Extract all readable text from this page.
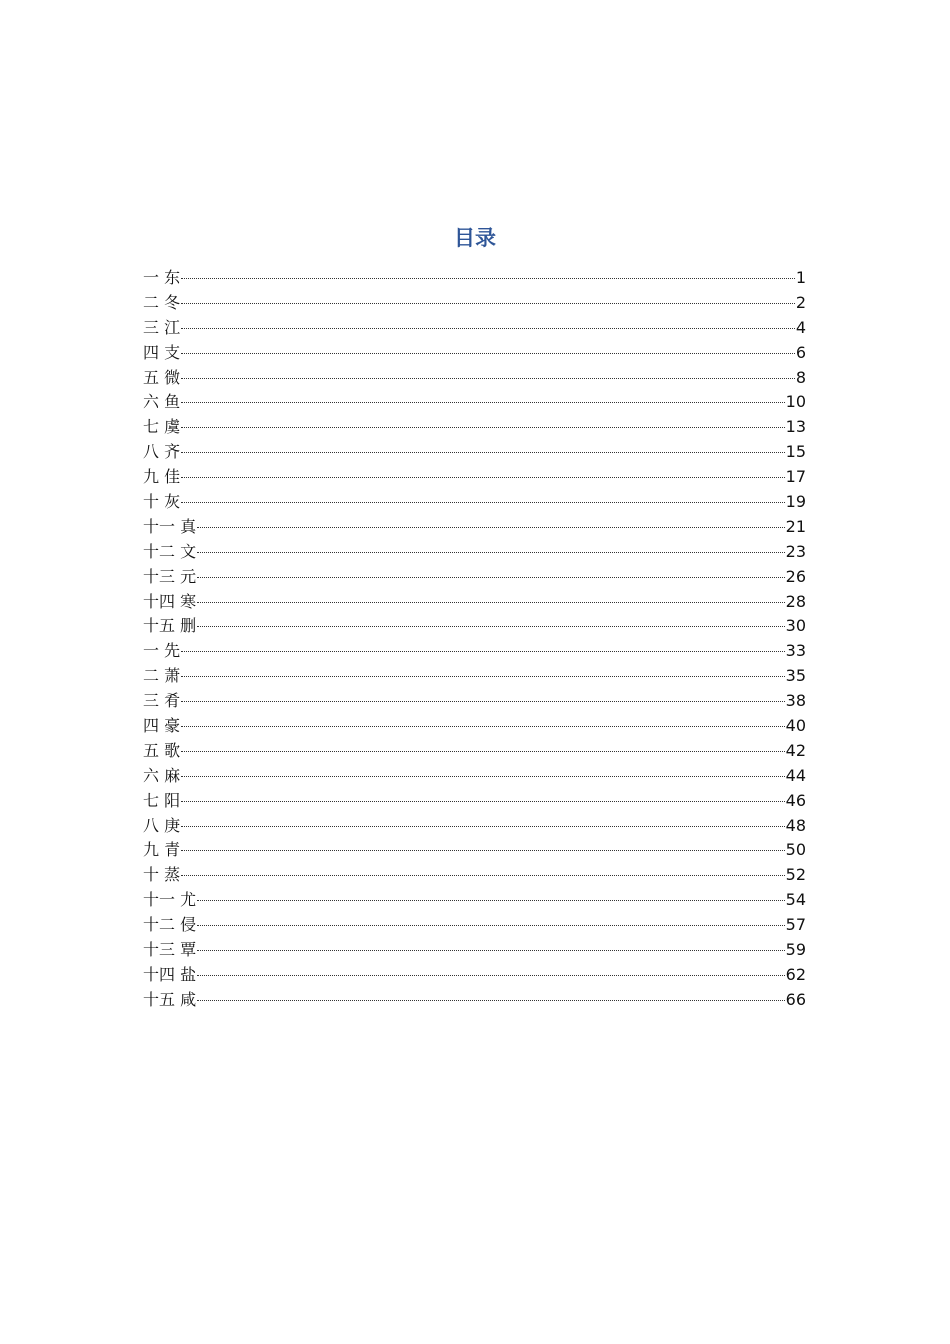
目录
一 东	1
二 冬	2
三 江	4
四 支	6
五 微	8
六 鱼	10
七 虞	13
八 齐	15
九 佳	17
十 灰	19
十一 真	21
十二 文	23
十三 元	26
十四 寒	28
十五 删	30
一 先	33
二 萧	35
三 肴	38
四 豪	40
五 歌	42
六 麻	44
七 阳	46
八 庚	48
九 青	50
十 蒸	52
十一 尤	54
十二 侵	57
十三 覃	59
十四 盐	62
十五 咸	66
